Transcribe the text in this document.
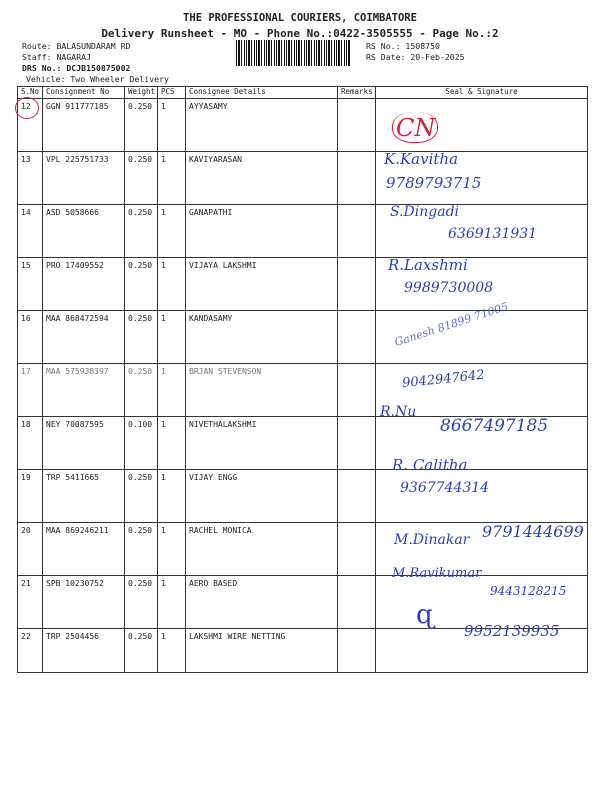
THE PROFESSIONAL COURIERS, COIMBATORE
Delivery Runsheet - MO - Phone No.:0422-3505555 - Page No.:2
Route: BALASUNDARAM RD
Staff: NAGARAJ
DRS No.: DCJB150875002
Vehicle: Two Wheeler Delivery
RS No.: 1508750
RS Date: 20-Feb-2025
S.No	Consignment No	Weight	PCS	Consignee Details	Remarks	Seal & Signature
12	GGN 911777185	0.250	1	AYYASAMY		
13	VPL 225751733	0.250	1	KAVIYARASAN		
14	ASD 5058666	0.250	1	GANAPATHI		
15	PRO 17409552	0.250	1	VIJAYA LAKSHMI		
16	MAA 868472594	0.250	1	KANDASAMY		
17	MAA 575938397	0.250	1	BRJAN STEVENSON		
18	NEY 70087595	0.100	1	NIVETHALAKSHMI		
19	TRP 5411665	0.250	1	VIJAY ENGG		
20	MAA 869246211	0.250	1	RACHEL MONICA		
21	SPB 10230752	0.250	1	AERO BASED		
22	TRP 2504456	0.250	1	LAKSHMI WIRE NETTING		
CN
K.Kavitha
9789793715
S.Dingadi
6369131931
R.Laxshmi
9989730008
Ganesh 81899 71005
9042947642
R.Nu
8667497185
R. Calitha
9367744314
M.Dinakar 9791444699
M.Ravikumar
9443128215
ɋ
9952139935
